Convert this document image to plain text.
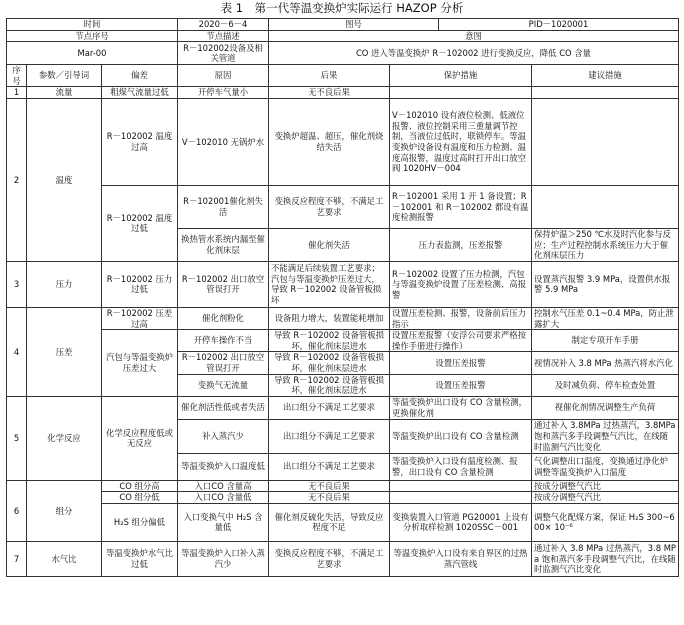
表 1　第一代等温变换炉实际运行 HAZOP 分析
时间			2020－6－4	图号		PID－1020001	
节点序号			节点描述	意图			
Mar-00			R－102002设备及相关管道	CO 进入等温变换炉 R－102002 进行变换反应，降低 CO 含量			
序号	参数／引导词	偏差	原因	后果	保护措施		建议措施
1	流量	粗煤气流量过低	开停车气量小	无不良后果			
2	温度	R－102002 温度过高	V－102010 无锅炉水	变换炉超温、超压，催化剂烧结失活	V－102010 设有液位检测、低液位报警、液位控制采用三重量调节控制，当液位过低时，联锁停车。等温变换炉设备设有温度和压力检测、温度高报警，温度过高时打开出口放空阀 1020HV－004		
		R－102002 温度过低	R－102001催化剂失活	变换反应程度不够，不满足工艺要求	R－102001 采用 1 开 1 备设置；R－102001 和 R－102002 都设有温度检测报警		
			换热管水系统内漏至催化剂床层	催化剂失活	压力表监测，压差报警		保持炉温＞250 ℃水及时汽化参与反应；生产过程控制水系统压力大于催化剂床层压力
3	压力	R－102002 压力过低	R－102002 出口放空管误打开	不能满足后续装置工艺要求；汽包与等温变换炉压差过大，导致 R－102002 设备管板损坏	R－102002 设置了压力检测，汽包与等温变换炉设置了压差检测、高报警		设置蒸汽报警 3.9 MPa，设置供水报警 5.9 MPa
4	压差	R－102002 压差过高	催化剂粉化	设备阻力增大，装置能耗增加	设置压差检测、报警，设备前后压力指示		控制水气压差 0.1~0.4 MPa，防止泄露扩大
		汽包与等温变换炉压差过大	开停车操作不当	导致 R－102002 设备管板损坏，催化剂床层进水	设置压差报警（安浮公司要求严格按操作手册进行操作）		制定专项开车手册
			R－102002 出口放空管误打开	导致 R－102002 设备管板损坏，催化剂床层进水	设置压差报警		视情况补入 3.8 MPa 热蒸汽将水汽化
			变换气无流量	导致 R－102002 设备管板损坏，催化剂床层进水	设置压差报警		及时减负荷、停车检查处置
5	化学反应	化学反应程度低或无反应	催化剂活性低或者失活	出口组分不满足工艺要求	等温变换炉出口设有 CO 含量检测，更换催化剂		视催化剂情况调整生产负荷
			补入蒸汽少	出口组分不满足工艺要求	等温变换炉出口设有 CO 含量检测		通过补入 3.8MPa 过热蒸汽，3.8MPa 饱和蒸汽多手段调整气汽比，在线随时监测气汽比变化
			等温变换炉入口温度低	出口组分不满足工艺要求	等温变换炉入口设有温度检测、报警，出口设有 CO 含量检测		气化调整出口温度，变换通过净化炉调整等温变换炉入口温度
6	组分	CO 组分高	入口CO 含量高	无不良后果			按成分调整气汽比
		CO 组分低	入口CO 含量低	无不良后果			按成分调整气汽比
		H₂S 组分偏低	入口变换气中 H₂S 含量低	催化剂反硫化失活，导致反应程度不足	变换装置入口管道 PG20001 上设有分析取样检测 1020SSC－001		调整气化配煤方案，保证 H₂S 300~600× 10⁻⁶
7	水气比	等温变换炉水气比过低	等温变换炉入口补入蒸汽少	变换反应程度不够，不满足工艺要求	等温变换炉入口设有来自界区的过热蒸汽管线		通过补入 3.8 MPa 过热蒸汽，3.8 MPa 饱和蒸汽多手段调整气汽比，在线随时监测气汽比变化
